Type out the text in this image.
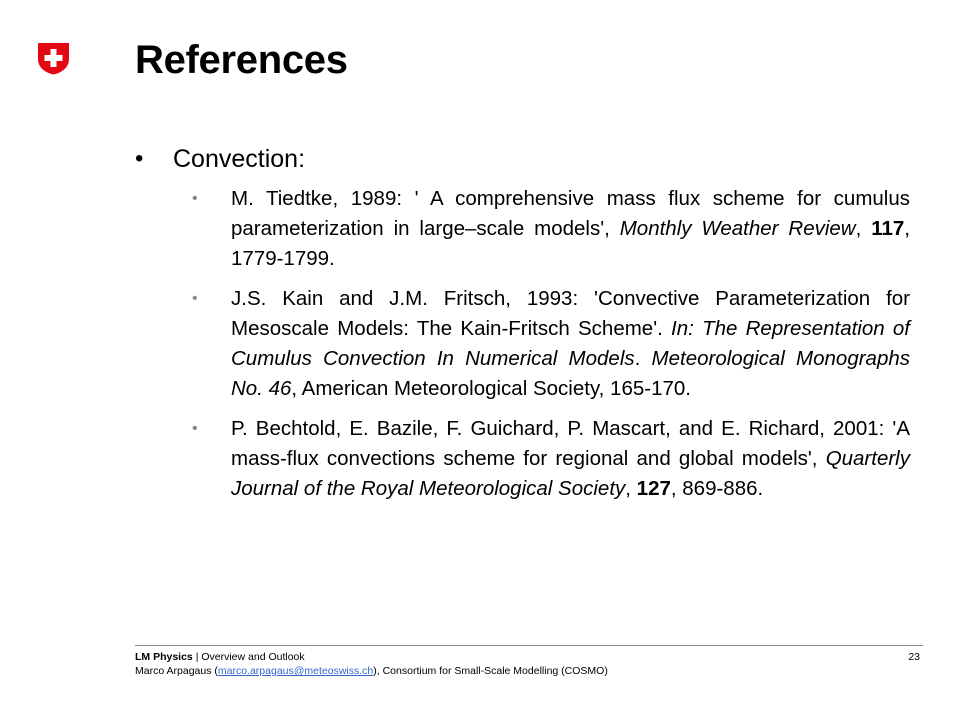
References
• Convection:
• M. Tiedtke, 1989: ' A comprehensive mass flux scheme for cumulus parameterization in large–scale models', Monthly Weather Review, 117, 1779-1799.
• J.S. Kain and J.M. Fritsch, 1993: 'Convective Parameterization for Mesoscale Models: The Kain-Fritsch Scheme'. In: The Representation of Cumulus Convection In Numerical Models. Meteorological Monographs No. 46, American Meteorological Society, 165-170.
• P. Bechtold, E. Bazile, F. Guichard, P. Mascart, and E. Richard, 2001: 'A mass-flux convections scheme for regional and global models', Quarterly Journal of the Royal Meteorological Society, 127, 869-886.
LM Physics | Overview and Outlook
Marco Arpagaus (marco.arpagaus@meteoswiss.ch), Consortium for Small-Scale Modelling (COSMO)
23
